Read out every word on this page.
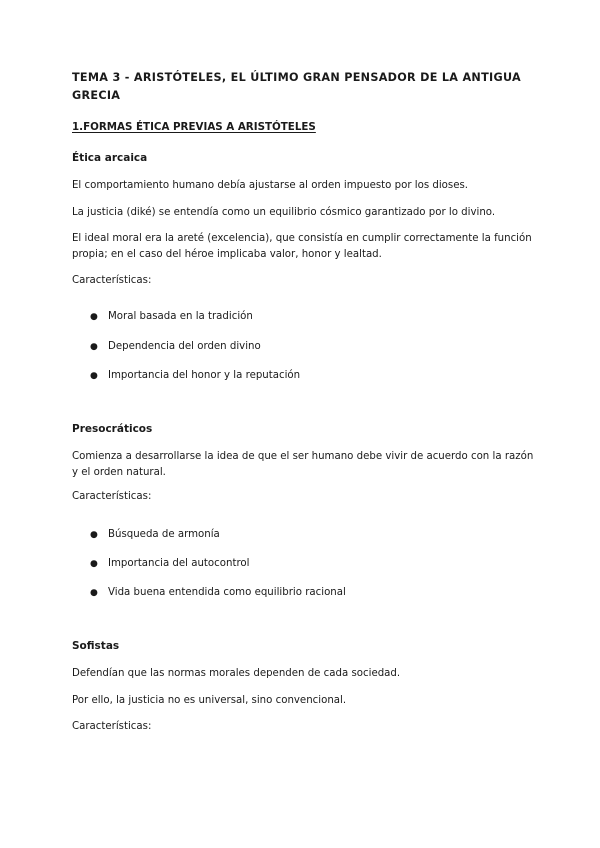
TEMA 3 - ARISTÓTELES, EL ÚLTIMO GRAN PENSADOR DE LA ANTIGUA GRECIA
1.FORMAS ÉTICA PREVIAS A ARISTÓTELES
Ética arcaica
El comportamiento humano debía ajustarse al orden impuesto por los dioses.
La justicia (diké) se entendía como un equilibrio cósmico garantizado por lo divino.
El ideal moral era la areté (excelencia), que consistía en cumplir correctamente la función propia; en el caso del héroe implicaba valor, honor y lealtad.
Características:
● Moral basada en la tradición
● Dependencia del orden divino
● Importancia del honor y la reputación
Presocráticos
Comienza a desarrollarse la idea de que el ser humano debe vivir de acuerdo con la razón y el orden natural.
Características:
● Búsqueda de armonía
● Importancia del autocontrol
● Vida buena entendida como equilibrio racional
Sofistas
Defendían que las normas morales dependen de cada sociedad.
Por ello, la justicia no es universal, sino convencional.
Características:
